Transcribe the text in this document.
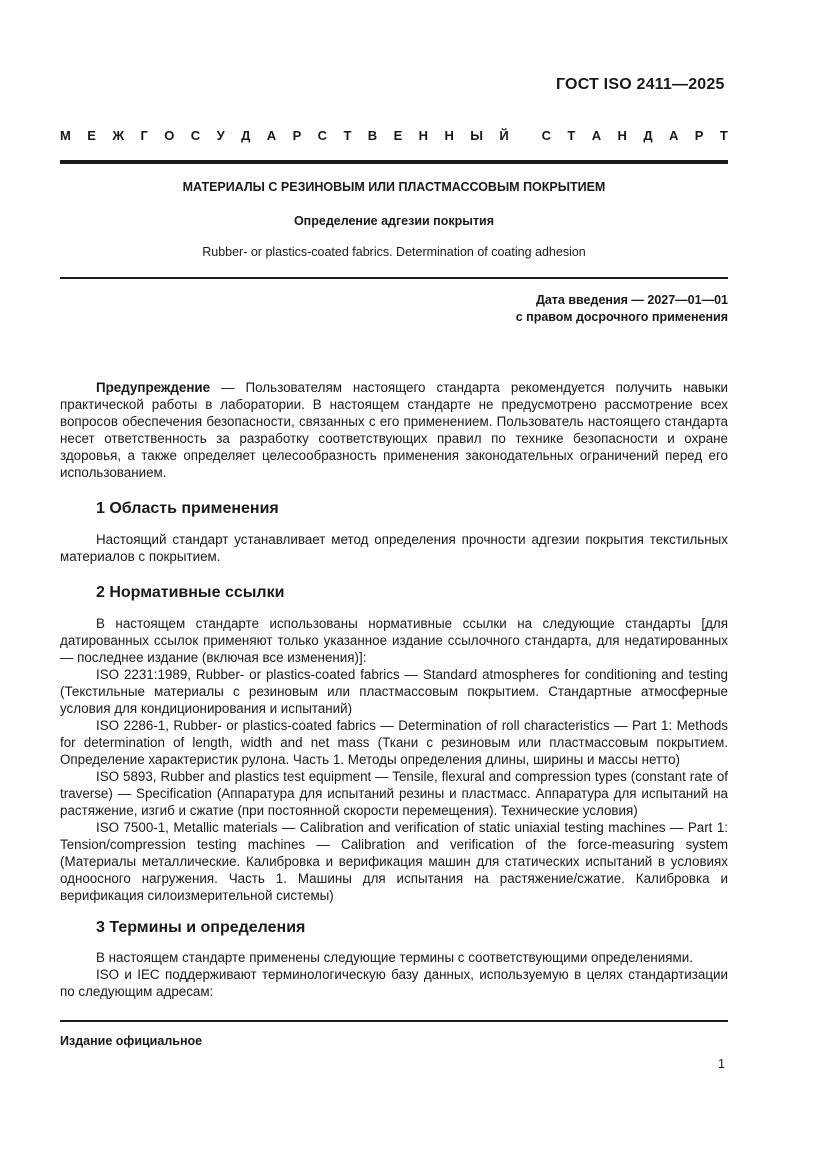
ГОСТ ISO 2411—2025
М Е Ж Г О С У Д А Р С Т В Е Н Н Ы Й	С Т А Н Д А Р Т
МАТЕРИАЛЫ С РЕЗИНОВЫМ ИЛИ ПЛАСТМАССОВЫМ ПОКРЫТИЕМ
Определение адгезии покрытия
Rubber- or plastics-coated fabrics. Determination of coating adhesion
Дата введения — 2027—01—01
с правом досрочного применения

Предупреждение — Пользователям настоящего стандарта рекомендуется получить навыки практической работы в лаборатории. В настоящем стандарте не предусмотрено рассмотрение всех вопросов обеспечения безопасности, связанных с его применением. Пользователь настоящего стандарта несет ответственность за разработку соответствующих правил по технике безопасности и охране здоровья, а также определяет целесообразность применения законодательных ограничений перед его использованием.

1 Область применения

Настоящий стандарт устанавливает метод определения прочности адгезии покрытия текстильных материалов с покрытием.

2 Нормативные ссылки

В настоящем стандарте использованы нормативные ссылки на следующие стандарты [для датированных ссылок применяют только указанное издание ссылочного стандарта, для недатированных — последнее издание (включая все изменения)]:

ISO 2231:1989, Rubber- or plastics-coated fabrics — Standard atmospheres for conditioning and testing (Текстильные материалы с резиновым или пластмассовым покрытием. Стандартные атмосферные условия для кондиционирования и испытаний)

ISO 2286-1, Rubber- or plastics-coated fabrics — Determination of roll characteristics — Part 1: Methods for determination of length, width and net mass (Ткани с резиновым или пластмассовым покрытием. Определение характеристик рулона. Часть 1. Методы определения длины, ширины и массы нетто)

ISO 5893, Rubber and plastics test equipment — Tensile, flexural and compression types (constant rate of traverse) — Specification (Аппаратура для испытаний резины и пластмасс. Аппаратура для испытаний на растяжение, изгиб и сжатие (при постоянной скорости перемещения). Технические условия)

ISO 7500-1, Metallic materials — Calibration and verification of static uniaxial testing machines — Part 1: Tension/compression testing machines — Calibration and verification of the force-measuring system (Материалы металлические. Калибровка и верификация машин для статических испытаний в условиях одноосного нагружения. Часть 1. Машины для испытания на растяжение/сжатие. Калибровка и верификация силоизмерительной системы)

3 Термины и определения

В настоящем стандарте применены следующие термины с соответствующими определениями.

ISO и IEC поддерживают терминологическую базу данных, используемую в целях стандартизации по следующим адресам:

Издание официальное
1
